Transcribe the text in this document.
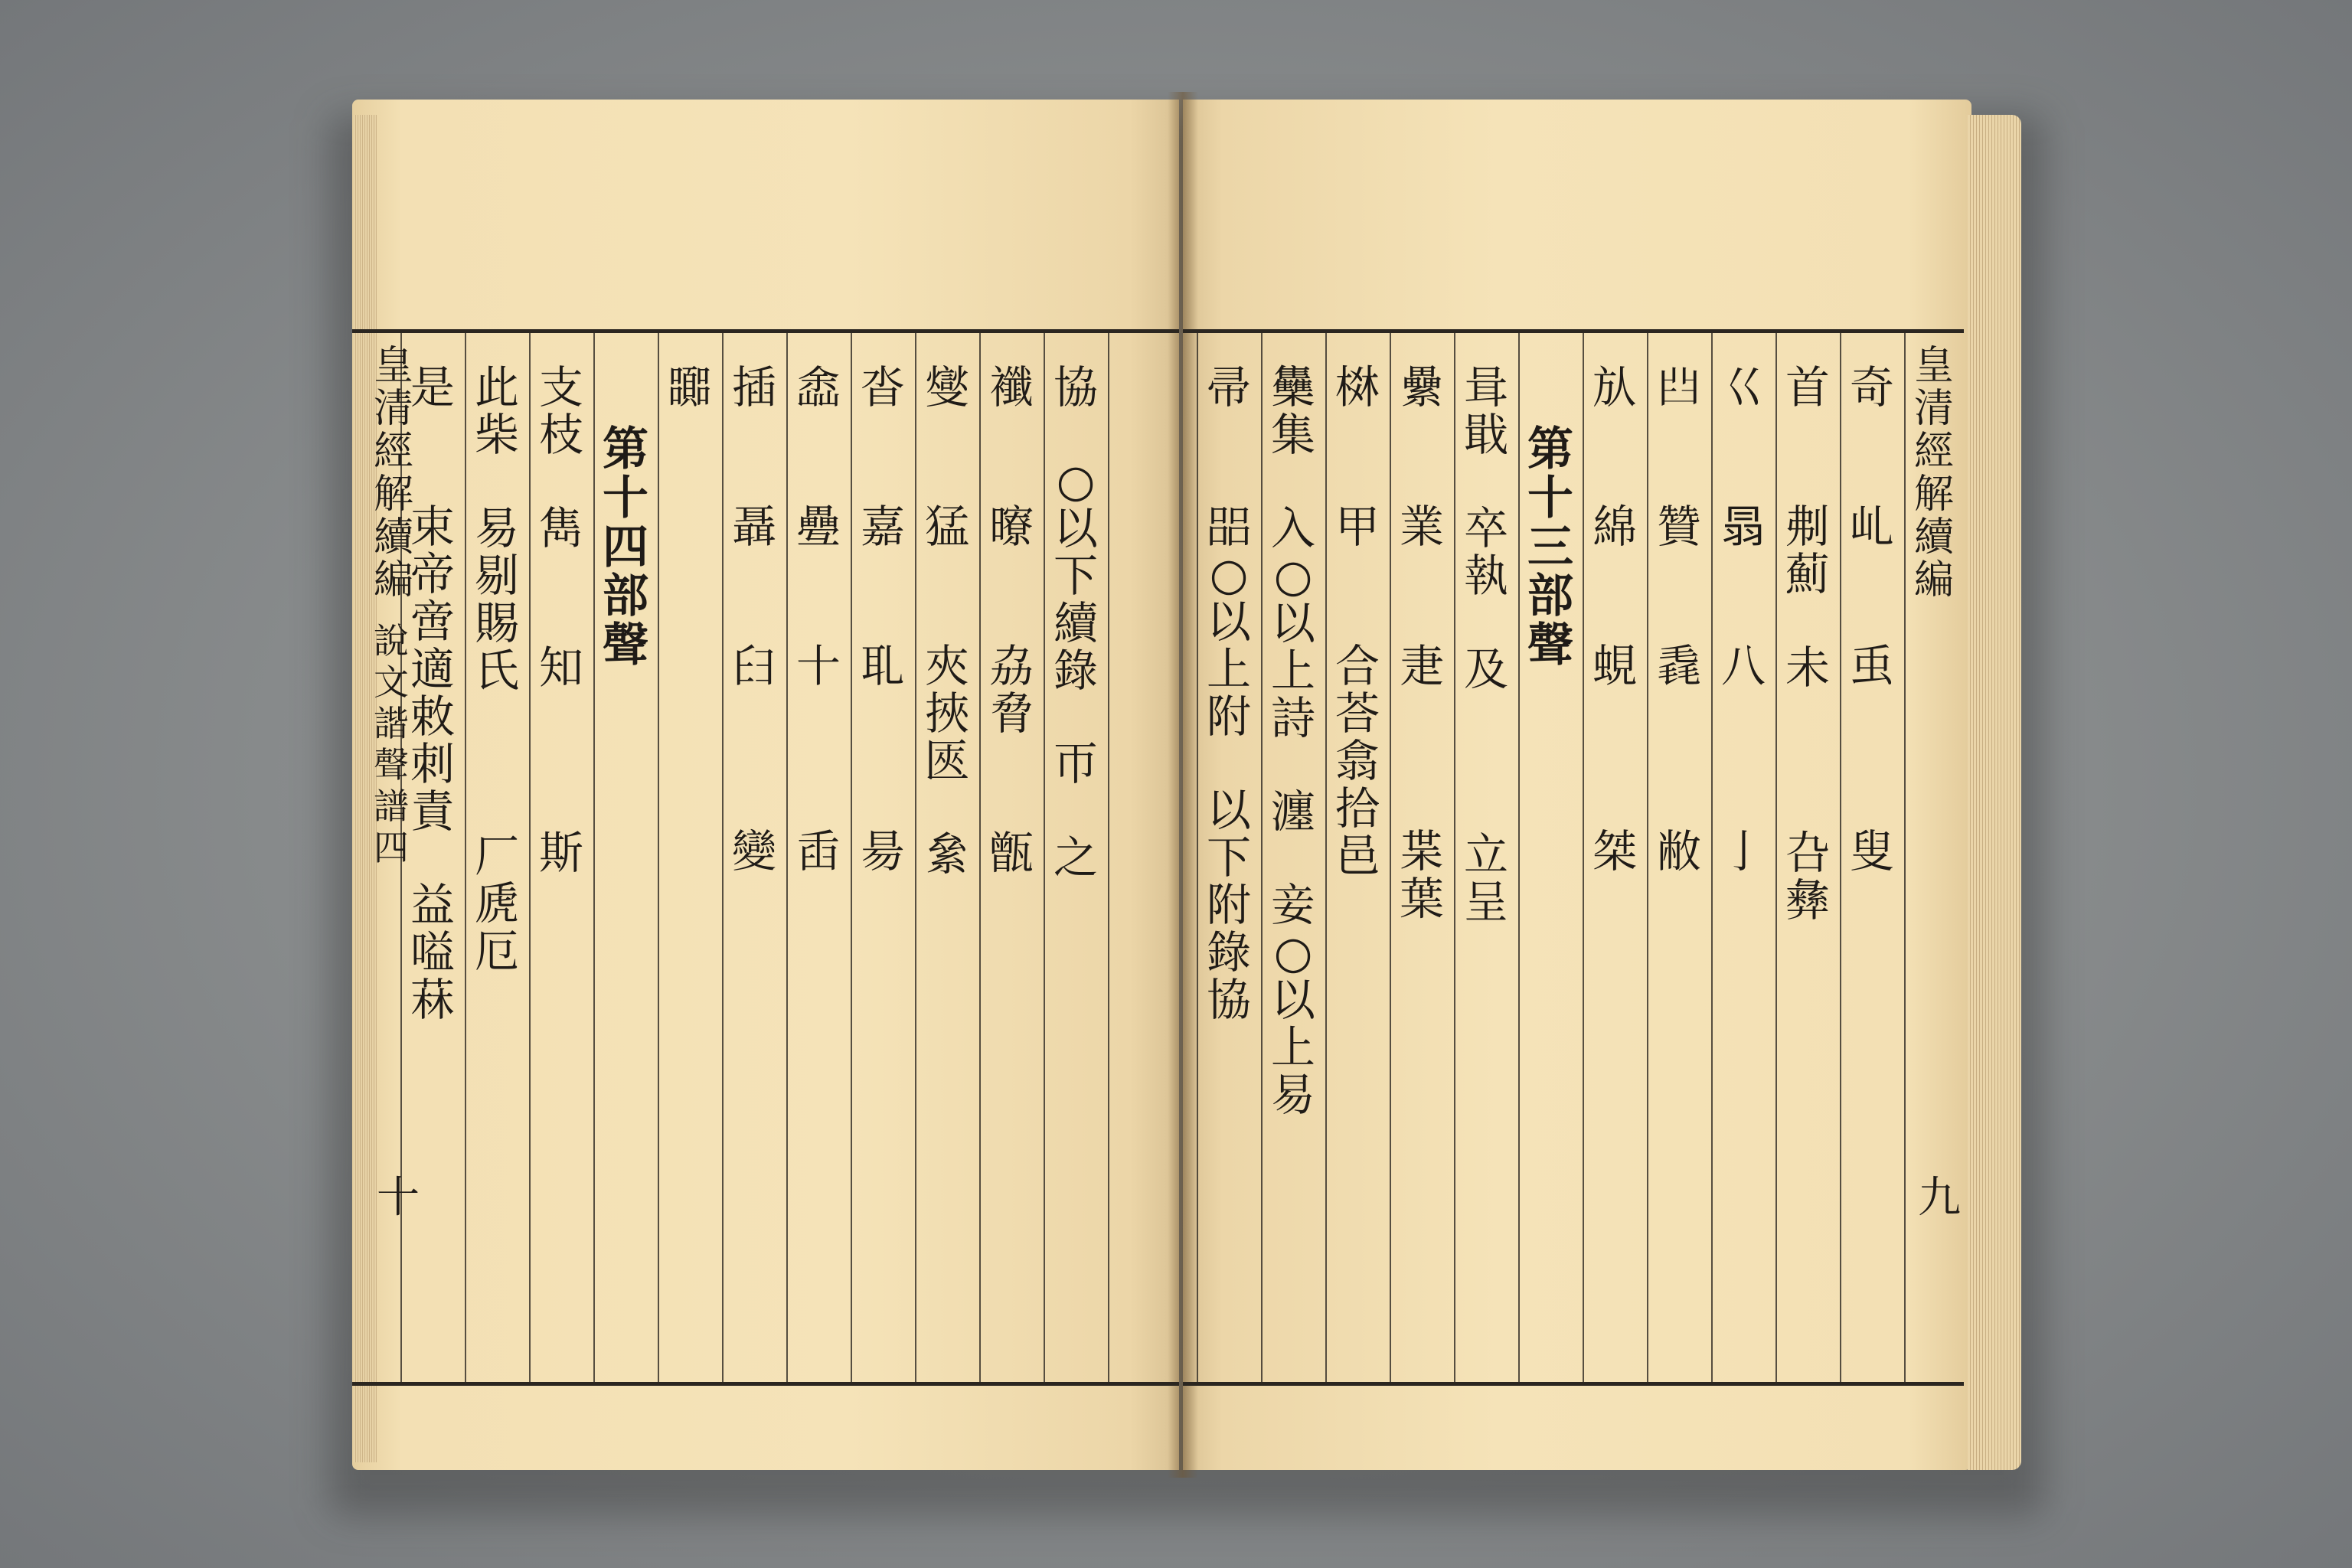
協
○
以
下
續
錄
帀
之
襳
曢
劦
脅
甑
燮
猛
夾
挾
匧
絫
沓
嘉
耴
昜
嵞
疉
十
臿
插
聶
𦥑
變
嚻
第
十
四
部
聲
支
枝
雋
知
斯
此
柴
易
剔
賜
氏
厂
虒
厄
是
束
帝
啻
適
敕
刺
責
益
嗌
菻
奇
乢
䖝
叟
首
刜
薊
未
叴
彝
巜
𦐇
八
亅
𦥒
贊
毳
敝
㫃
綿
蜆
桀
第
十
三
部
聲
咠
戢
卒
執
及
立
呈
纍
業
疌
枼
葉
棥
甲
合
荅
翕
拾
邑
雧
集
入
○
以
上
詩
瀍
妾
○
以
上
易
帚
㗊
○
以
上
附
以
下
附
錄
協
皇
清
經
解
續
編
說
文
諧
聲
譜
四
十
皇
清
經
解
續
編
九
